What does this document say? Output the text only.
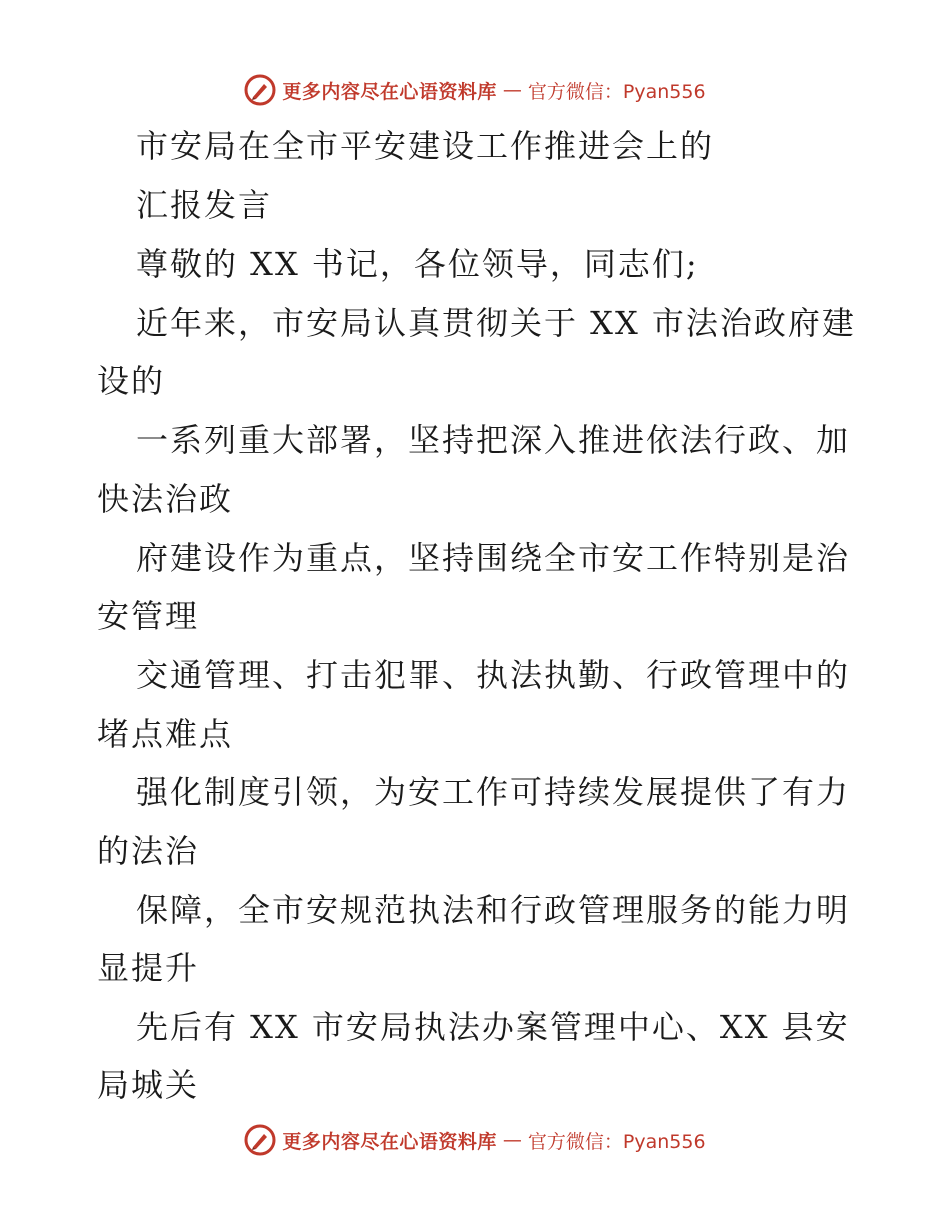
更多内容尽在心语资料库 — 官方微信：Pyan556
市安局在全市平安建设工作推进会上的
汇报发言
尊敬的 XX 书记，各位领导，同志们;
近年来，市安局认真贯彻关于 XX 市法治政府建
设的
一系列重大部署，坚持把深入推进依法行政、加
快法治政
府建设作为重点，坚持围绕全市安工作特别是治
安管理
交通管理、打击犯罪、执法执勤、行政管理中的
堵点难点
强化制度引领，为安工作可持续发展提供了有力
的法治
保障，全市安规范执法和行政管理服务的能力明
显提升
先后有 XX 市安局执法办案管理中心、XX 县安
局城关
更多内容尽在心语资料库 — 官方微信：Pyan556
